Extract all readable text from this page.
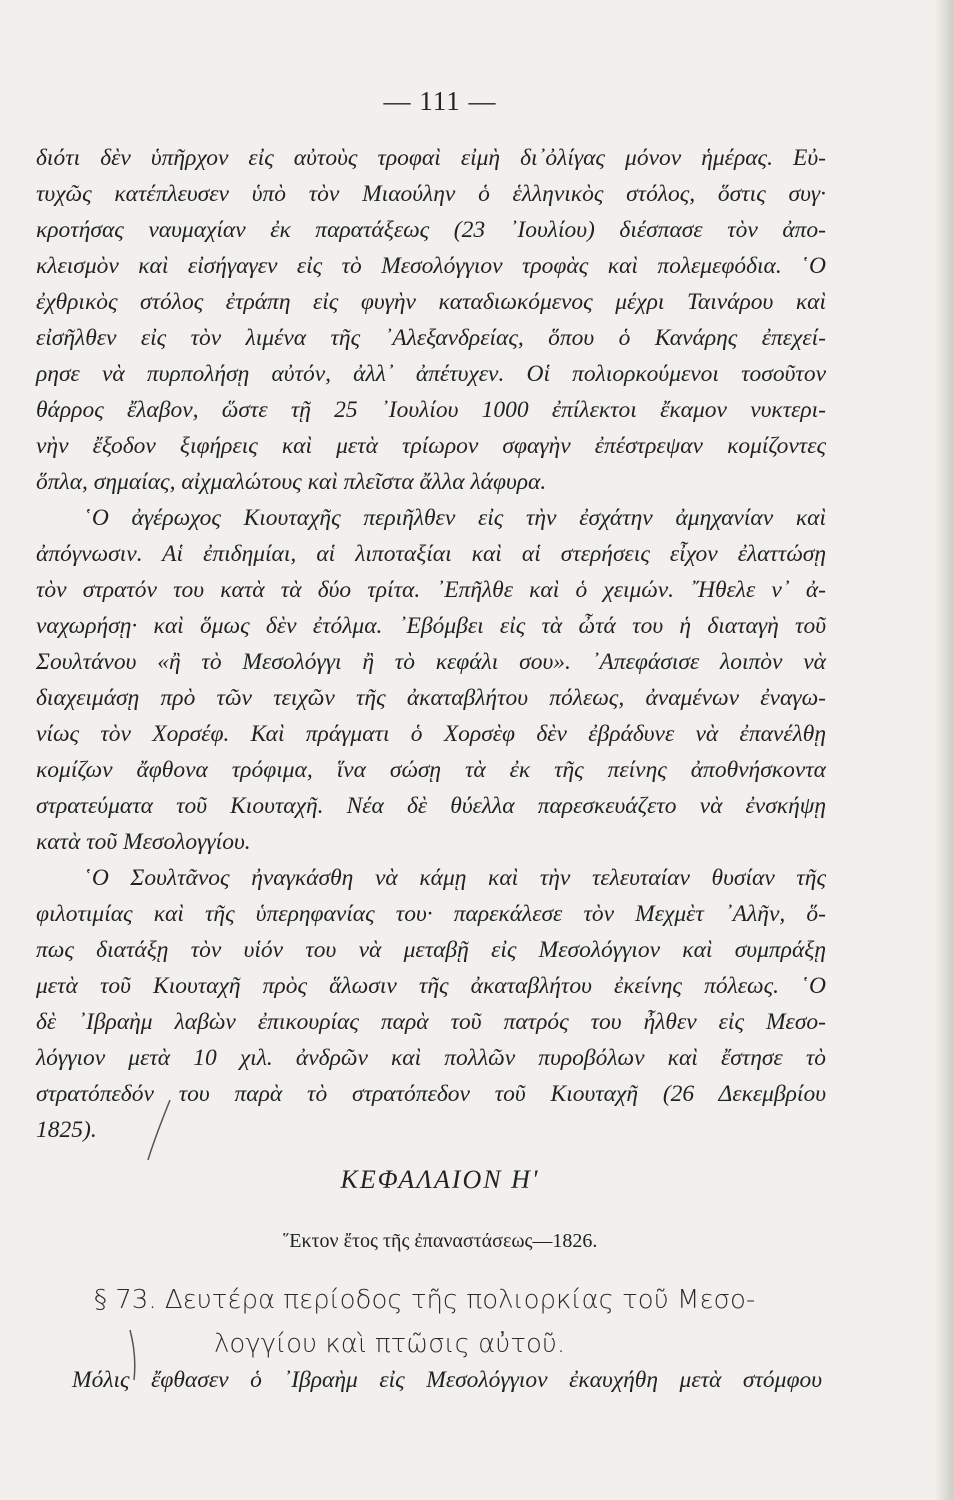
— 111 —
διότι δὲν ὑπῆρχον εἰς αὐτοὺς τροφαὶ εἰμὴ δι᾽ὀλίγας μόνον ἡμέρας. Εὐ-
τυχῶς κατέπλευσεν ὑπὸ τὸν Μιαούλην ὁ ἑλληνικὸς στόλος, ὅστις συγ·
κροτήσας ναυμαχίαν ἐκ παρατάξεως (23 ᾿Ιουλίου) διέσπασε τὸν ἀπο-
κλεισμὸν καὶ εἰσήγαγεν εἰς τὸ Μεσολόγγιον τροφὰς καὶ πολεμεφόδια. ῾Ο
ἐχθρικὸς στόλος ἐτράπη εἰς φυγὴν καταδιωκόμενος μέχρι Ταινάρου καὶ
εἰσῆλθεν εἰς τὸν λιμένα τῆς ᾿Αλεξανδρείας, ὅπου ὁ Κανάρης ἐπεχεί-
ρησε νὰ πυρπολήσῃ αὐτόν, ἀλλ᾽ ἀπέτυχεν. Οἱ πολιορκούμενοι τοσοῦτον
θάρρος ἔλαβον, ὥστε τῇ 25 ᾿Ιουλίου 1000 ἐπίλεκτοι ἔκαμον νυκτερι-
νὴν ἔξοδον ξιφήρεις καὶ μετὰ τρίωρον σφαγὴν ἐπέστρεψαν κομίζοντες
ὅπλα, σημαίας, αἰχμαλώτους καὶ πλεῖστα ἄλλα λάφυρα.
῾Ο ἀγέρωχος Κιουταχῆς περιῆλθεν εἰς τὴν ἐσχάτην ἀμηχανίαν καὶ
ἀπόγνωσιν. Αἱ ἐπιδημίαι, αἱ λιποταξίαι καὶ αἱ στερήσεις εἶχον ἐλαττώσῃ
τὸν στρατόν του κατὰ τὰ δύο τρίτα. ᾿Επῆλθε καὶ ὁ χειμών. ῎Ηθελε ν᾽ ἀ-
ναχωρήσῃ· καὶ ὅμως δὲν ἐτόλμα. ᾿Εβόμβει εἰς τὰ ὦτά του ἡ διαταγὴ τοῦ
Σουλτάνου «ἢ τὸ Μεσολόγγι ἢ τὸ κεφάλι σου». ᾿Απεφάσισε λοιπὸν νὰ
διαχειμάσῃ πρὸ τῶν τειχῶν τῆς ἀκαταβλήτου πόλεως, ἀναμένων ἐναγω-
νίως τὸν Χορσέφ. Καὶ πράγματι ὁ Χορσὲφ δὲν ἐβράδυνε νὰ ἐπανέλθῃ
κομίζων ἄφθονα τρόφιμα, ἵνα σώσῃ τὰ ἐκ τῆς πείνης ἀποθνήσκοντα
στρατεύματα τοῦ Κιουταχῆ. Νέα δὲ θύελλα παρεσκευάζετο νὰ ἐνσκήψῃ
κατὰ τοῦ Μεσολογγίου.
῾Ο Σουλτᾶνος ἠναγκάσθη νὰ κάμῃ καὶ τὴν τελευταίαν θυσίαν τῆς
φιλοτιμίας καὶ τῆς ὑπερηφανίας του· παρεκάλεσε τὸν Μεχμὲτ ᾿Αλῆν, ὅ-
πως διατάξῃ τὸν υἱόν του νὰ μεταβῇ εἰς Μεσολόγγιον καὶ συμπράξῃ
μετὰ τοῦ Κιουταχῆ πρὸς ἅλωσιν τῆς ἀκαταβλήτου ἐκείνης πόλεως. ῾Ο
δὲ ᾿Ιβραὴμ λαβὼν ἐπικουρίας παρὰ τοῦ πατρός του ἦλθεν εἰς Μεσο-
λόγγιον μετὰ 10 χιλ. ἀνδρῶν καὶ πολλῶν πυροβόλων καὶ ἔστησε τὸ
στρατόπεδόν του παρὰ τὸ στρατόπεδον τοῦ Κιουταχῆ (26 Δεκεμβρίου
1825).
ΚΕΦΑΛΑΙΟΝ Η'
῞Εκτον ἔτος τῆς ἐπαναστάσεως—1826.
§ 73. Δευτέρα περίοδος τῆς πολιορκίας τοῦ Μεσο-
λογγίου καὶ πτῶσις αὐτοῦ.
Μόλις ἔφθασεν ὁ ᾿Ιβραὴμ εἰς Μεσολόγγιον ἐκαυχήθη μετὰ στόμφου
